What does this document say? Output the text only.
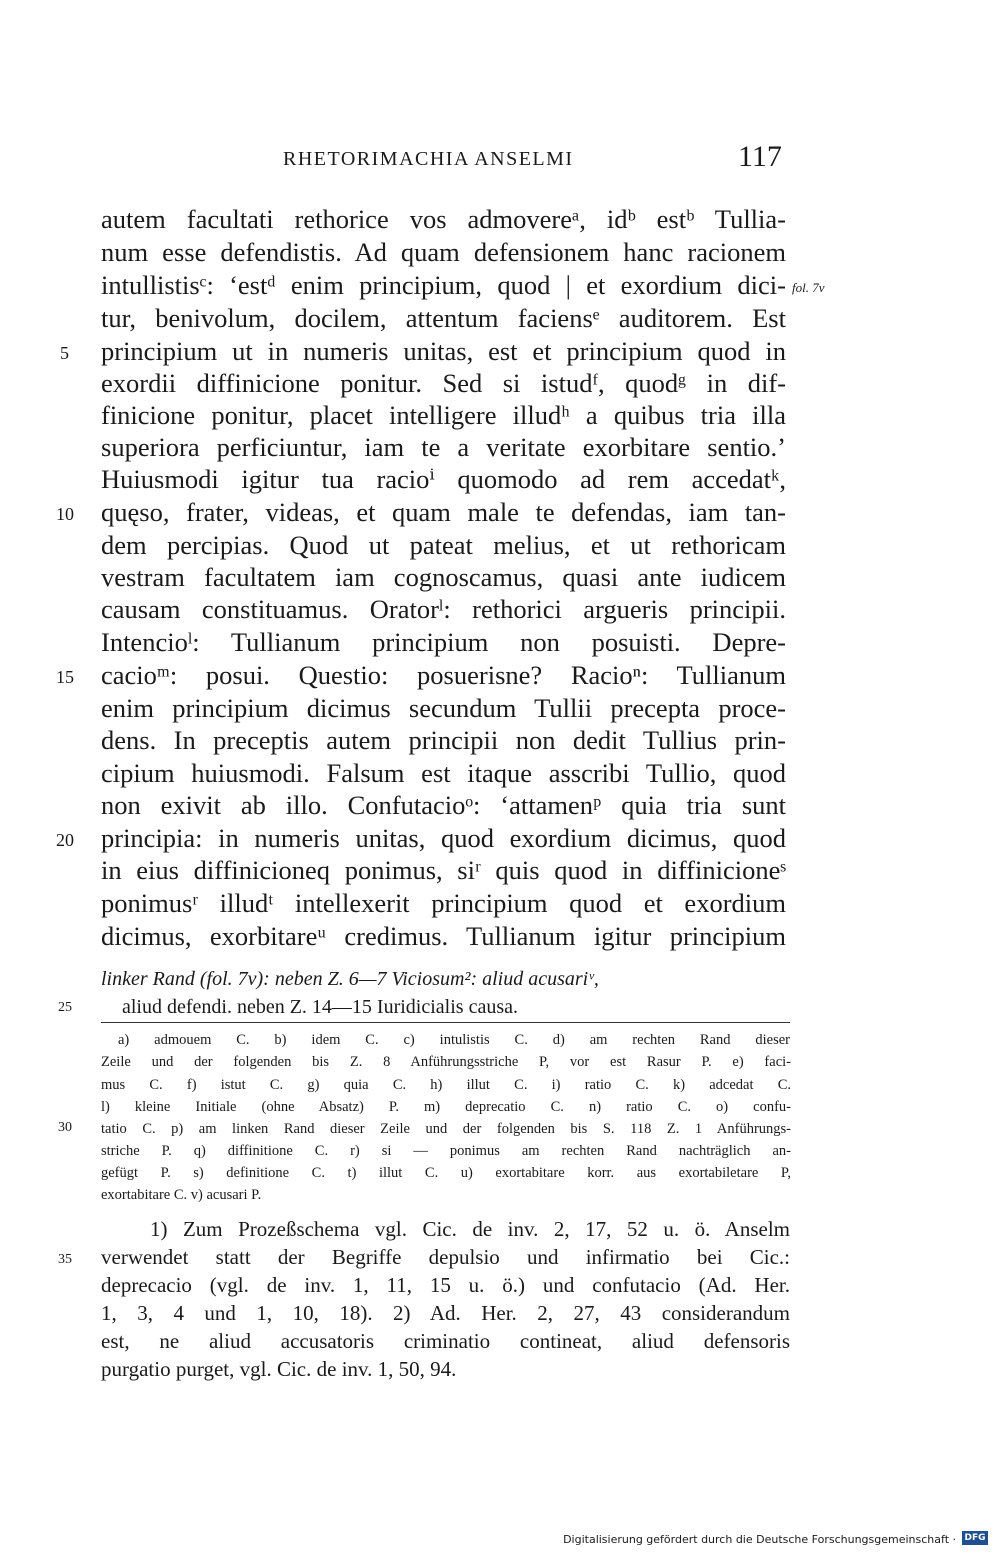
RHETORIMACHIA ANSELMI	117
autem facultati rethorice vos admovereᵃ, idᵇ estᵇ Tullia-
num esse defendistis. Ad quam defensionem hanc racionem
intullistisᶜ: ‘estᵈ enim principium, quod | et exordium dici-
tur, benivolum, docilem, attentum faciensᵉ auditorem. Est
principium ut in numeris unitas, est et principium quod in
exordii diffinicione ponitur. Sed si istudᶠ, quodᵍ in dif-
finicione ponitur, placet intelligere illudʰ a quibus tria illa
superiora perficiuntur, iam te a veritate exorbitare sentio.’
Huiusmodi igitur tua racioⁱ quomodo ad rem accedatᵏ,
quęso, frater, videas, et quam male te defendas, iam tan-
dem percipias. Quod ut pateat melius, et ut rethoricam
vestram facultatem iam cognoscamus, quasi ante iudicem
causam constituamus. Oratorˡ: rethorici argueris principii.
Intencioˡ: Tullianum principium non posuisti. Depre-
cacioᵐ: posui. Questio: posuerisne? Racioⁿ: Tullianum
enim principium dicimus secundum Tullii precepta proce-
dens. In preceptis autem principii non dedit Tullius prin-
cipium huiusmodi. Falsum est itaque asscribi Tullio, quod
non exivit ab illo. Confutacioᵒ: ‘attamenᵖ quia tria sunt
principia: in numeris unitas, quod exordium dicimus, quod
in eius diffinicioneq ponimus, siʳ quis quod in diffinicioneˢ
ponimusʳ illudᵗ intellexerit principium quod et exordium
dicimus, exorbitareᵘ credimus. Tullianum igitur principium
5
10
15
20
25
30
35
fol. 7v
linker Rand (fol. 7v): neben Z. 6—7 Viciosum²: aliud acusariᵛ,
aliud defendi. neben Z. 14—15 Iuridicialis causa.
a) admouem C. b) idem C. c) intulistis C. d) am rechten Rand dieser
Zeile und der folgenden bis Z. 8 Anführungsstriche P, vor est Rasur P. e) faci-
mus C. f) istut C. g) quia C. h) illut C. i) ratio C. k) adcedat C.
l) kleine Initiale (ohne Absatz) P. m) deprecatio C. n) ratio C. o) confu-
tatio C. p) am linken Rand dieser Zeile und der folgenden bis S. 118 Z. 1 Anführungs-
striche P. q) diffinitione C. r) si — ponimus am rechten Rand nachträglich an-
gefügt P. s) definitione C. t) illut C. u) exortabitare korr. aus exortabiletare P,
exortabitare C. v) acusari P.
1) Zum Prozeßschema vgl. Cic. de inv. 2, 17, 52 u. ö. Anselm
verwendet statt der Begriffe depulsio und infirmatio bei Cic.:
deprecacio (vgl. de inv. 1, 11, 15 u. ö.) und confutacio (Ad. Her.
1, 3, 4 und 1, 10, 18). 2) Ad. Her. 2, 27, 43 considerandum
est, ne aliud accusatoris criminatio contineat, aliud defensoris
purgatio purget, vgl. Cic. de inv. 1, 50, 94.
Digitalisierung gefördert durch die Deutsche Forschungsgemeinschaft · DFG
